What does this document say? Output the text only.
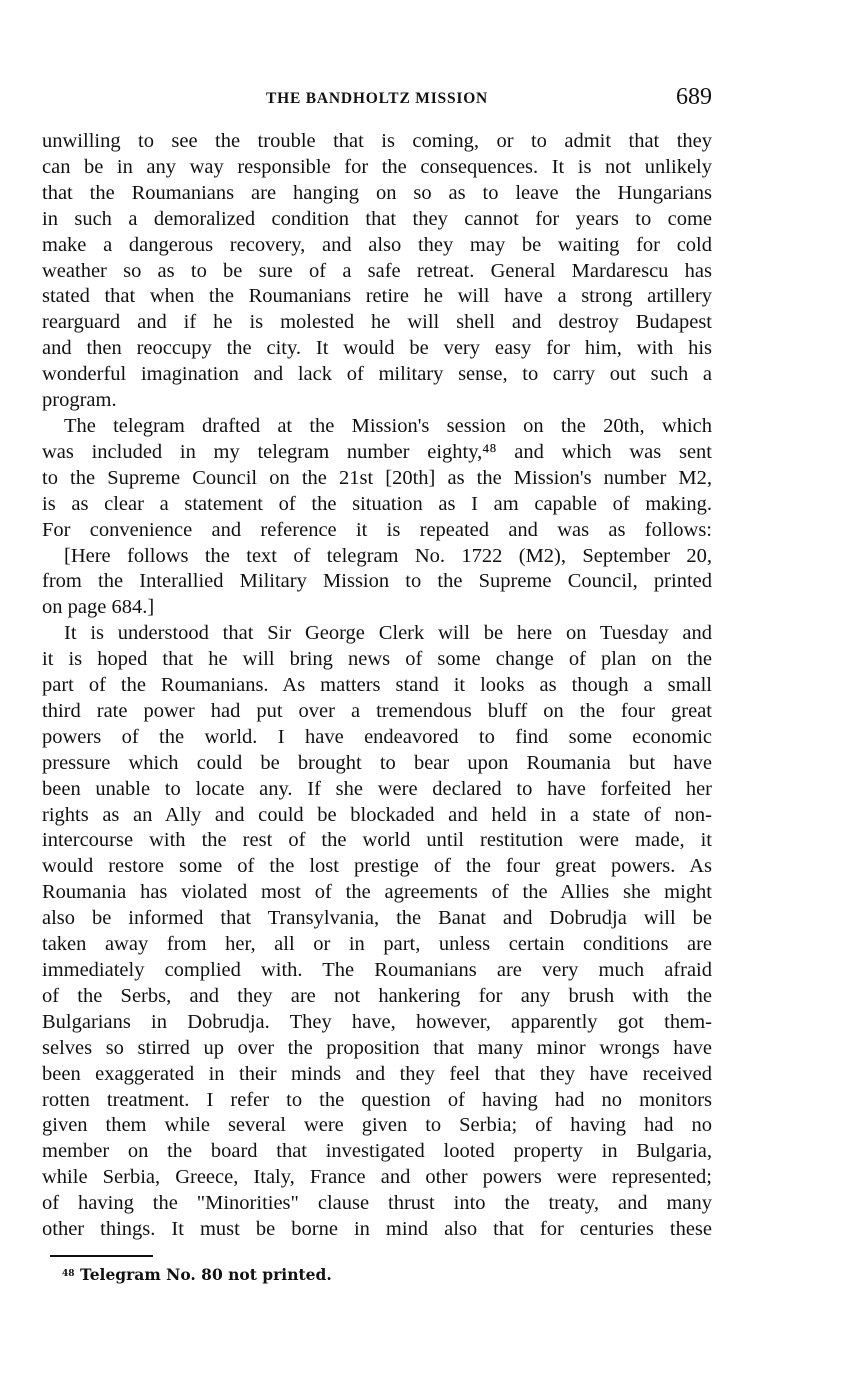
THE BANDHOLTZ MISSION	689
unwilling to see the trouble that is coming, or to admit that they
can be in any way responsible for the consequences. It is not unlikely
that the Roumanians are hanging on so as to leave the Hungarians
in such a demoralized condition that they cannot for years to come
make a dangerous recovery, and also they may be waiting for cold
weather so as to be sure of a safe retreat. General Mardarescu has
stated that when the Roumanians retire he will have a strong artillery
rearguard and if he is molested he will shell and destroy Budapest
and then reoccupy the city. It would be very easy for him, with his
wonderful imagination and lack of military sense, to carry out such a
program.
The telegram drafted at the Mission's session on the 20th, which
was included in my telegram number eighty,⁴⁸ and which was sent
to the Supreme Council on the 21st [20th] as the Mission's number M2,
is as clear a statement of the situation as I am capable of making.
For convenience and reference it is repeated and was as follows:
[Here follows the text of telegram No. 1722 (M2), September 20,
from the Interallied Military Mission to the Supreme Council, printed
on page 684.]
It is understood that Sir George Clerk will be here on Tuesday and
it is hoped that he will bring news of some change of plan on the
part of the Roumanians. As matters stand it looks as though a small
third rate power had put over a tremendous bluff on the four great
powers of the world. I have endeavored to find some economic
pressure which could be brought to bear upon Roumania but have
been unable to locate any. If she were declared to have forfeited her
rights as an Ally and could be blockaded and held in a state of non-
intercourse with the rest of the world until restitution were made, it
would restore some of the lost prestige of the four great powers. As
Roumania has violated most of the agreements of the Allies she might
also be informed that Transylvania, the Banat and Dobrudja will be
taken away from her, all or in part, unless certain conditions are
immediately complied with. The Roumanians are very much afraid
of the Serbs, and they are not hankering for any brush with the
Bulgarians in Dobrudja. They have, however, apparently got them-
selves so stirred up over the proposition that many minor wrongs have
been exaggerated in their minds and they feel that they have received
rotten treatment. I refer to the question of having had no monitors
given them while several were given to Serbia; of having had no
member on the board that investigated looted property in Bulgaria,
while Serbia, Greece, Italy, France and other powers were represented;
of having the "Minorities" clause thrust into the treaty, and many
other things. It must be borne in mind also that for centuries these
$^{48}$ Telegram No. 80 not printed.
